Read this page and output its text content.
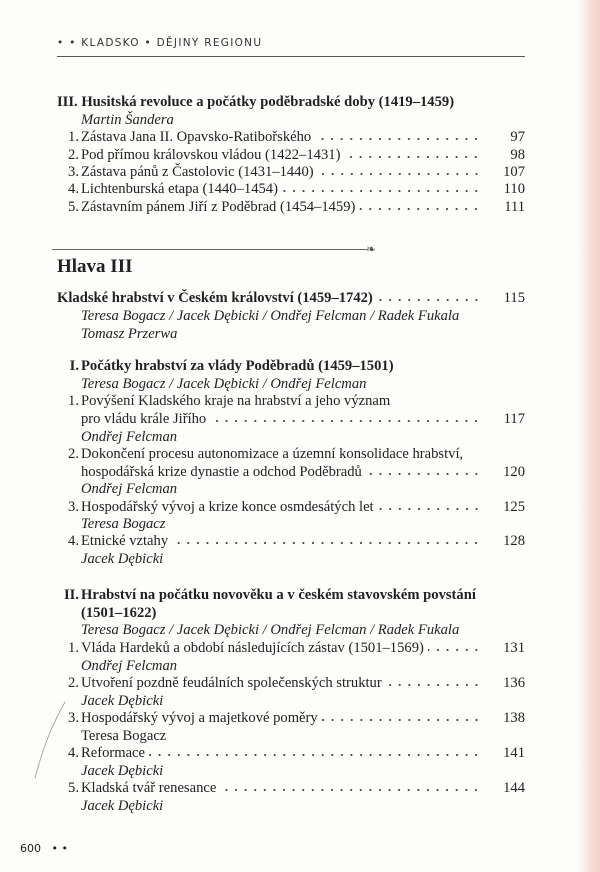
• • KLADSKO • DĚJINY REGIONU
III. Husitská revoluce a počátky poděbradské doby (1419–1459)
Martin Šandera
1. Zástava Jana II. Opavsko-Ratibořského	97
2. Pod přímou královskou vládou (1422–1431)	98
3. Zástava pánů z Častolovic (1431–1440)	107
4. Lichtenburská etapa (1440–1454)	110
5. Zástavním pánem Jiří z Poděbrad (1454–1459)	111
❧
Hlava III
Kladské hrabství v Českém království (1459–1742)	115
Teresa Bogacz / Jacek Dębicki / Ondřej Felcman / Radek Fukala
Tomasz Przerwa
I. Počátky hrabství za vlády Poděbradů (1459–1501)
Teresa Bogacz / Jacek Dębicki / Ondřej Felcman
1. Povýšení Kladského kraje na hrabství a jeho význam
pro vládu krále Jiřího	117
Ondřej Felcman
2. Dokončení procesu autonomizace a územní konsolidace hrabství,
hospodářská krize dynastie a odchod Poděbradů	120
Ondřej Felcman
3. Hospodářský vývoj a krize konce osmdesátých let	125
Teresa Bogacz
4. Etnické vztahy	128
Jacek Dębicki
II. Hrabství na počátku novověku a v českém stavovském povstání
(1501–1622)
Teresa Bogacz / Jacek Dębicki / Ondřej Felcman / Radek Fukala
1. Vláda Hardeků a období následujících zástav (1501–1569)	131
Ondřej Felcman
2. Utvoření pozdně feudálních společenských struktur	136
Jacek Dębicki
3. Hospodářský vývoj a majetkové poměry	138
Teresa Bogacz
4. Reformace	141
Jacek Dębicki
5. Kladská tvář renesance	144
Jacek Dębicki
600 • •
